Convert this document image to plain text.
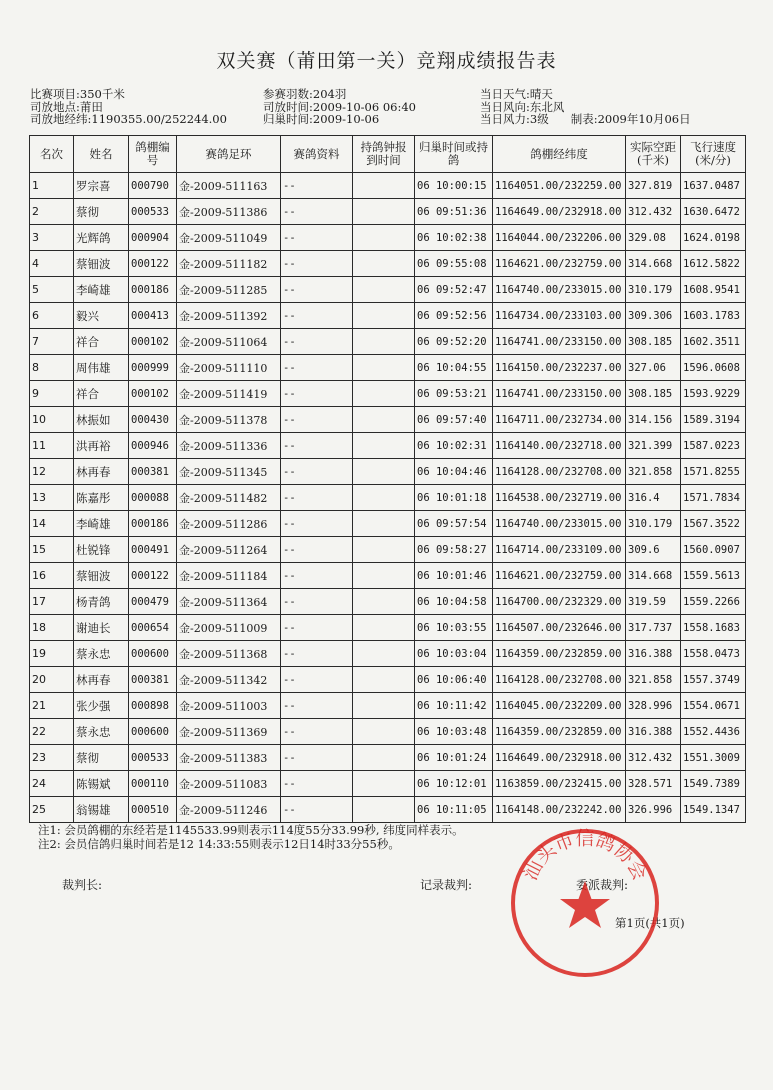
双关赛（莆田第一关）竞翔成绩报告表
比赛项目:350千米	参赛羽数:204羽	当日天气:晴天
司放地点:莆田	司放时间:2009-10-06 06:40	当日风向:东北风
司放地经纬:1190355.00/252244.00	归巢时间:2009-10-06	当日风力:3级 制表:2009年10月06日
名次	姓名	鸽棚编号	赛鸽足环	赛鸽资料	持鸽钟报到时间	归巢时间或持鸽	鸽棚经纬度	实际空距(千米)	飞行速度(米/分)
1	罗宗喜	000790	金-2009-511163	--		06 10:00:15	1164051.00/232259.00	327.819	1637.0487
2	蔡彻	000533	金-2009-511386	--		06 09:51:36	1164649.00/232918.00	312.432	1630.6472
3	光辉鸽	000904	金-2009-511049	--		06 10:02:38	1164044.00/232206.00	329.08	1624.0198
4	蔡钿波	000122	金-2009-511182	--		06 09:55:08	1164621.00/232759.00	314.668	1612.5822
5	李崎雄	000186	金-2009-511285	--		06 09:52:47	1164740.00/233015.00	310.179	1608.9541
6	毅兴	000413	金-2009-511392	--		06 09:52:56	1164734.00/233103.00	309.306	1603.1783
7	祥合	000102	金-2009-511064	--		06 09:52:20	1164741.00/233150.00	308.185	1602.3511
8	周伟雄	000999	金-2009-511110	--		06 10:04:55	1164150.00/232237.00	327.06	1596.0608
9	祥合	000102	金-2009-511419	--		06 09:53:21	1164741.00/233150.00	308.185	1593.9229
10	林振如	000430	金-2009-511378	--		06 09:57:40	1164711.00/232734.00	314.156	1589.3194
11	洪再裕	000946	金-2009-511336	--		06 10:02:31	1164140.00/232718.00	321.399	1587.0223
12	林再春	000381	金-2009-511345	--		06 10:04:46	1164128.00/232708.00	321.858	1571.8255
13	陈嘉彤	000088	金-2009-511482	--		06 10:01:18	1164538.00/232719.00	316.4	1571.7834
14	李崎雄	000186	金-2009-511286	--		06 09:57:54	1164740.00/233015.00	310.179	1567.3522
15	杜锐锋	000491	金-2009-511264	--		06 09:58:27	1164714.00/233109.00	309.6	1560.0907
16	蔡钿波	000122	金-2009-511184	--		06 10:01:46	1164621.00/232759.00	314.668	1559.5613
17	杨青鸽	000479	金-2009-511364	--		06 10:04:58	1164700.00/232329.00	319.59	1559.2266
18	谢迪长	000654	金-2009-511009	--		06 10:03:55	1164507.00/232646.00	317.737	1558.1683
19	蔡永忠	000600	金-2009-511368	--		06 10:03:04	1164359.00/232859.00	316.388	1558.0473
20	林再春	000381	金-2009-511342	--		06 10:06:40	1164128.00/232708.00	321.858	1557.3749
21	张少强	000898	金-2009-511003	--		06 10:11:42	1164045.00/232209.00	328.996	1554.0671
22	蔡永忠	000600	金-2009-511369	--		06 10:03:48	1164359.00/232859.00	316.388	1552.4436
23	蔡彻	000533	金-2009-511383	--		06 10:01:24	1164649.00/232918.00	312.432	1551.3009
24	陈锡斌	000110	金-2009-511083	--		06 10:12:01	1163859.00/232415.00	328.571	1549.7389
25	翁锡雄	000510	金-2009-511246	--		06 10:11:05	1164148.00/232242.00	326.996	1549.1347
注1: 会员鸽棚的东经若是1145533.99则表示114度55分33.99秒, 纬度同样表示。
注2: 会员信鸽归巢时间若是12 14:33:55则表示12日14时33分55秒。
裁判长:	记录裁判:	委派裁判:
第1页(共1页)
汕头市信鸽协会
